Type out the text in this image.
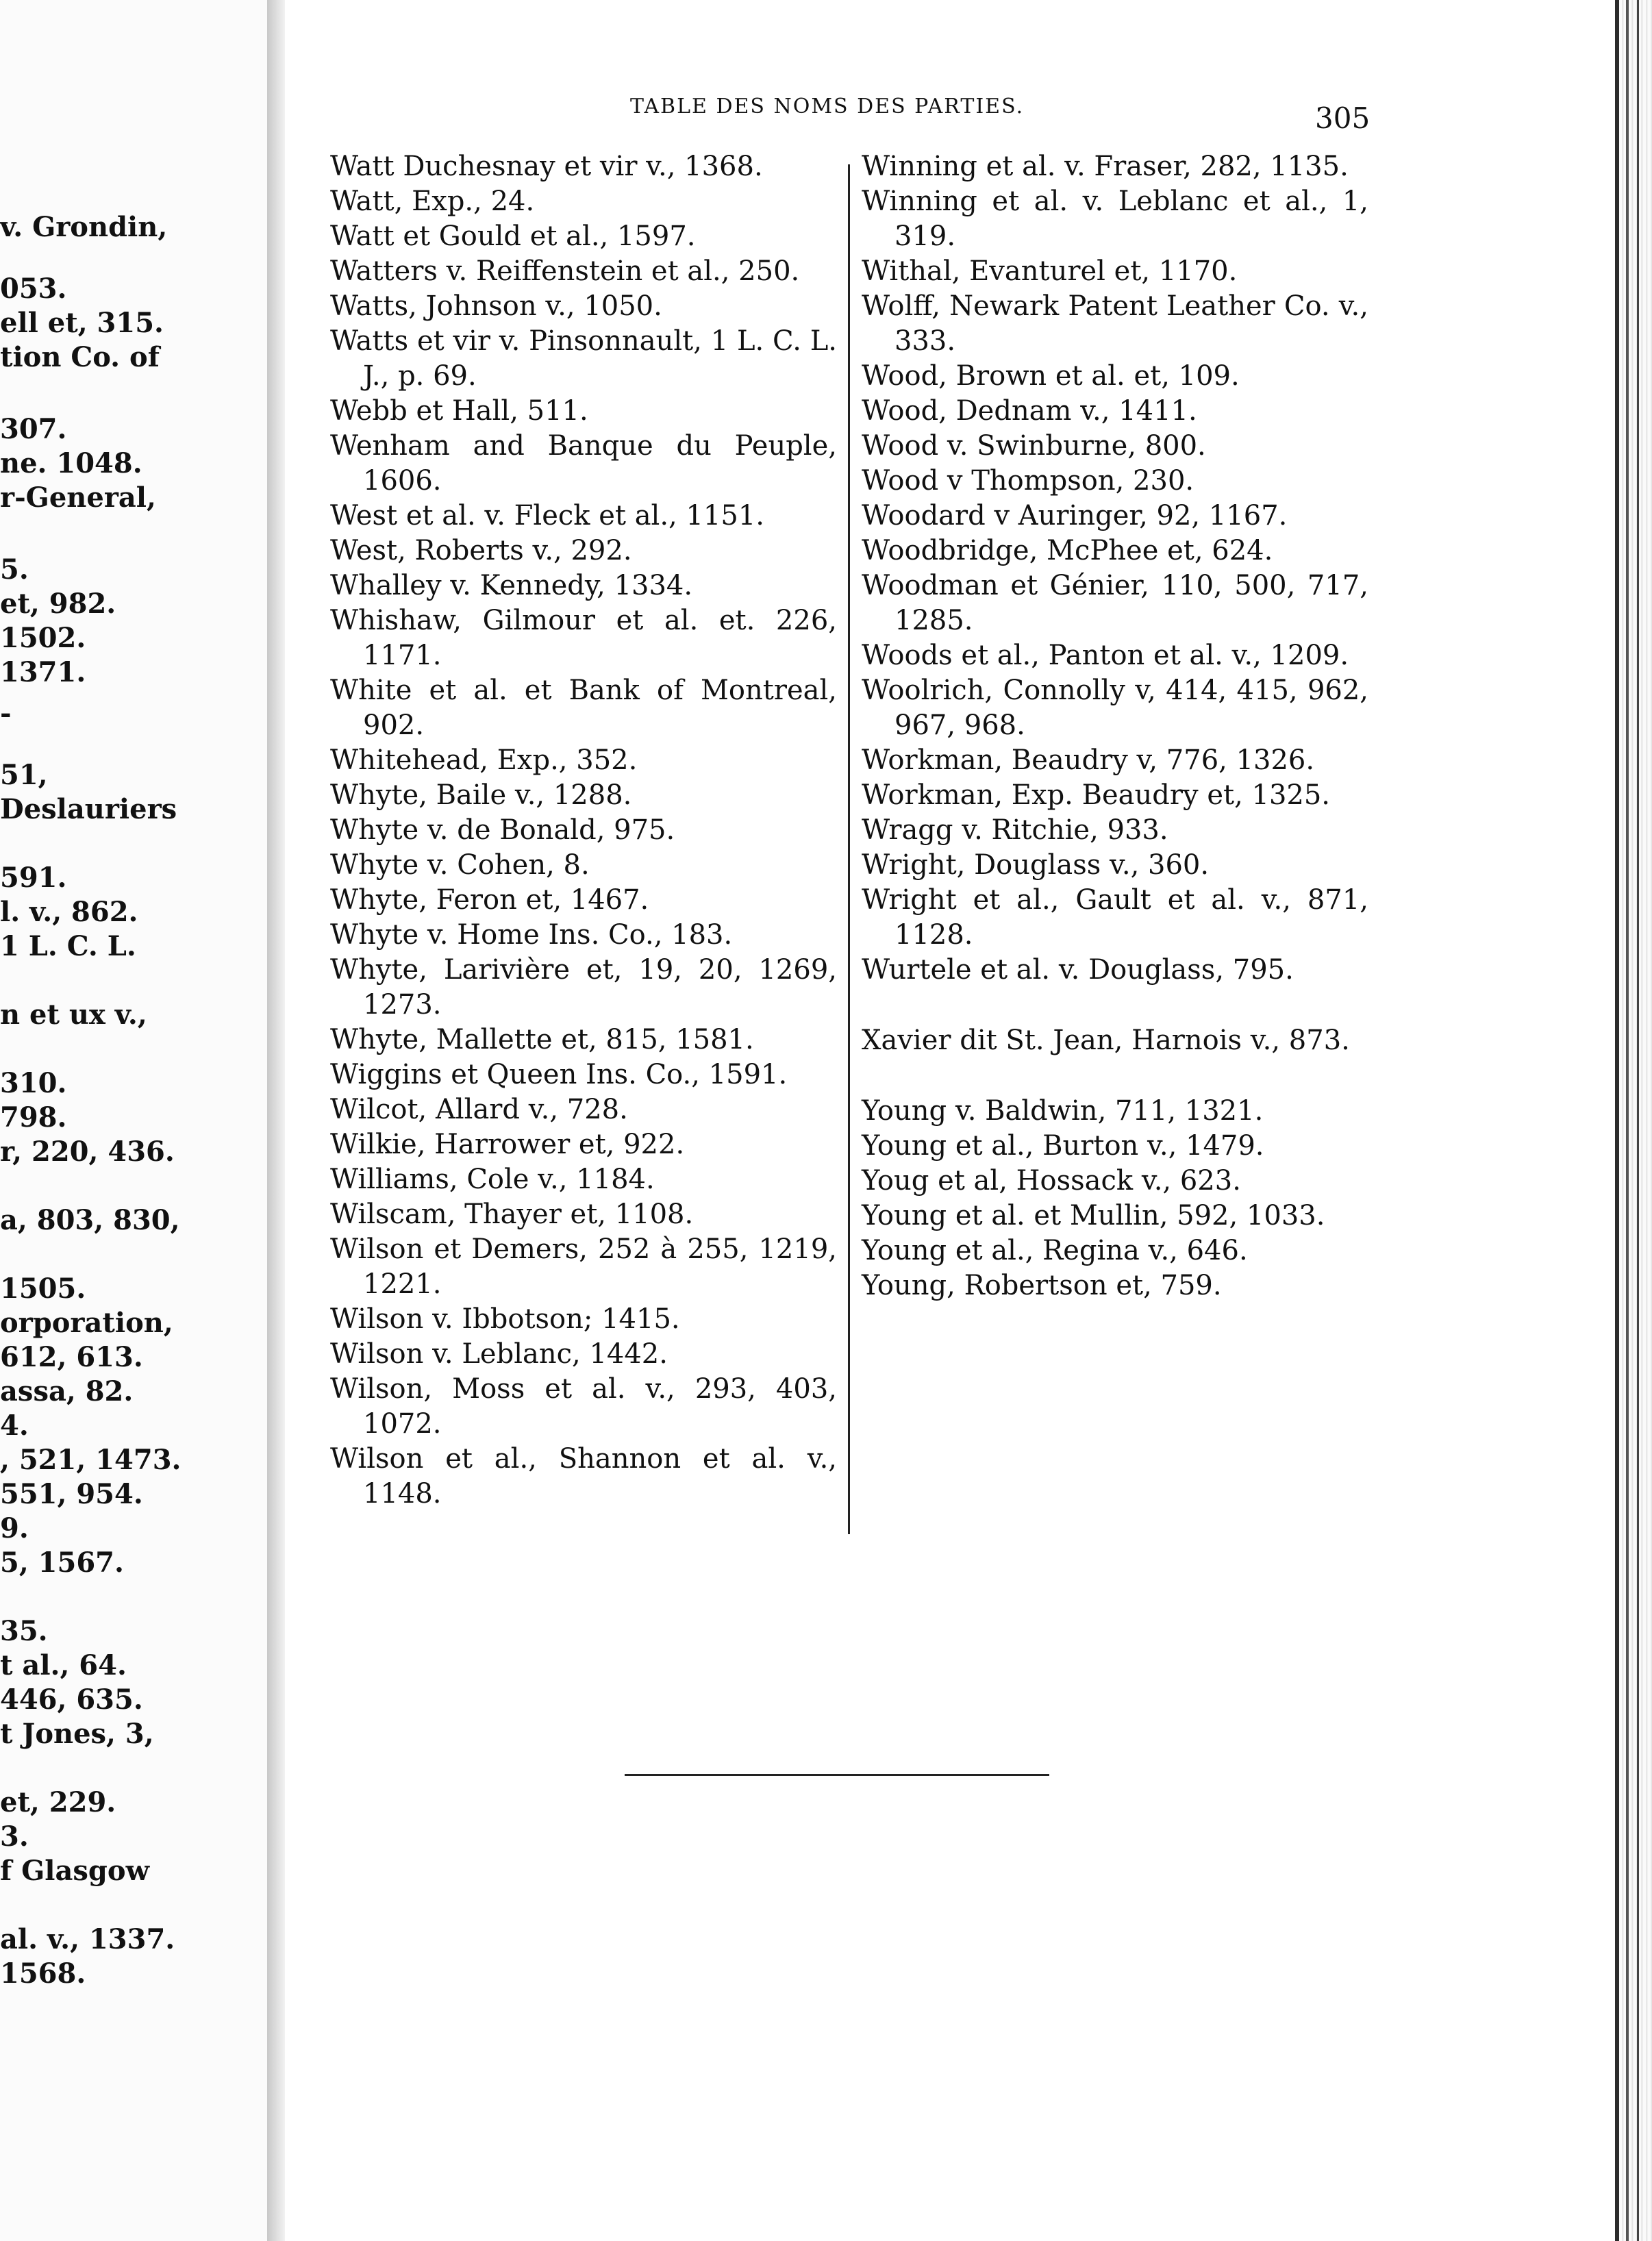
v. Grondin,
053.
ell et, 315.
tion Co. of
307.
ne. 1048.
r-General,
5.
et, 982.
1502.
1371.
-
51,
Deslauriers
591.
l. v., 862.
1 L. C. L.
n et ux v.,
310.
798.
r, 220, 436.
a, 803, 830,
1505.
orporation,
612, 613.
assa, 82.
4.
, 521, 1473.
551, 954.
9.
5, 1567.
35.
t al., 64.
446, 635.
t Jones, 3,
et, 229.
3.
f Glasgow
al. v., 1337.
1568.
TABLE DES NOMS DES PARTIES.	305
Watt Duchesnay et vir v., 1368.
Watt, Exp., 24.
Watt et Gould et al., 1597.
Watters v. Reiffenstein et al., 250.
Watts, Johnson v., 1050.
Watts et vir v. Pinsonnault, 1 L. C. L. J., p. 69.
Webb et Hall, 511.
Wenham and Banque du Peuple, 1606.
West et al. v. Fleck et al., 1151.
West, Roberts v., 292.
Whalley v. Kennedy, 1334.
Whishaw, Gilmour et al. et. 226, 1171.
White et al. et Bank of Montreal, 902.
Whitehead, Exp., 352.
Whyte, Baile v., 1288.
Whyte v. de Bonald, 975.
Whyte v. Cohen, 8.
Whyte, Feron et, 1467.
Whyte v. Home Ins. Co., 183.
Whyte, Larivière et, 19, 20, 1269, 1273.
Whyte, Mallette et, 815, 1581.
Wiggins et Queen Ins. Co., 1591.
Wilcot, Allard v., 728.
Wilkie, Harrower et, 922.
Williams, Cole v., 1184.
Wilscam, Thayer et, 1108.
Wilson et Demers, 252 à 255, 1219, 1221.
Wilson v. Ibbotson; 1415.
Wilson v. Leblanc, 1442.
Wilson, Moss et al. v., 293, 403, 1072.
Wilson et al., Shannon et al. v., 1148.
Winning et al. v. Fraser, 282, 1135.
Winning et al. v. Leblanc et al., 1, 319.
Withal, Evanturel et, 1170.
Wolff, Newark Patent Leather Co. v., 333.
Wood, Brown et al. et, 109.
Wood, Dednam v., 1411.
Wood v. Swinburne, 800.
Wood v Thompson, 230.
Woodard v Auringer, 92, 1167.
Woodbridge, McPhee et, 624.
Woodman et Génier, 110, 500, 717, 1285.
Woods et al., Panton et al. v., 1209.
Woolrich, Connolly v, 414, 415, 962, 967, 968.
Workman, Beaudry v, 776, 1326.
Workman, Exp. Beaudry et, 1325.
Wragg v. Ritchie, 933.
Wright, Douglass v., 360.
Wright et al., Gault et al. v., 871, 1128.
Wurtele et al. v. Douglass, 795.
Xavier dit St. Jean, Harnois v., 873.
Young v. Baldwin, 711, 1321.
Young et al., Burton v., 1479.
Youg et al, Hossack v., 623.
Young et al. et Mullin, 592, 1033.
Young et al., Regina v., 646.
Young, Robertson et, 759.
